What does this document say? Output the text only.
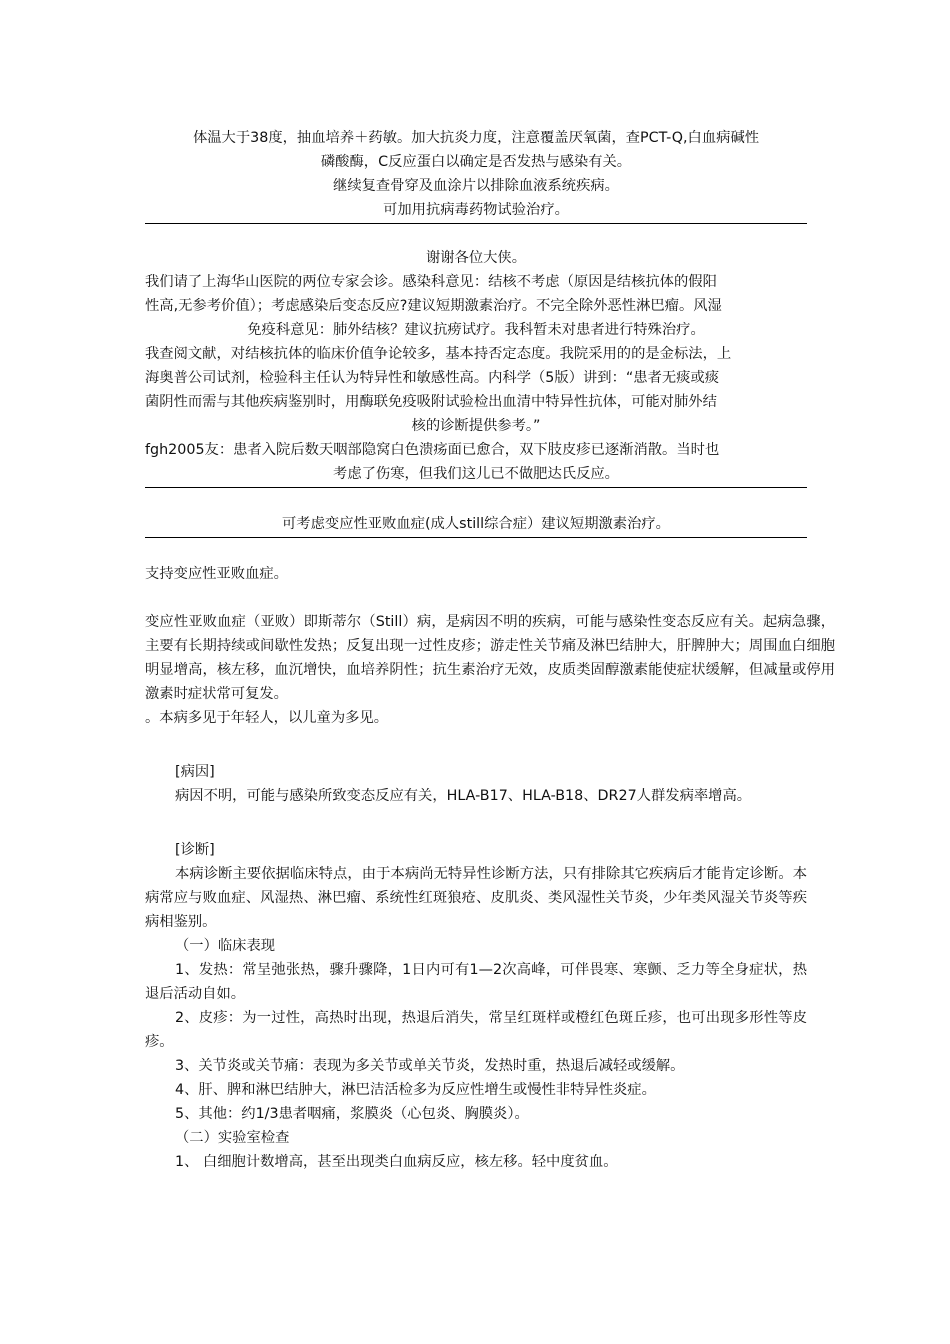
体温大于38度，抽血培养＋药敏。加大抗炎力度，注意覆盖厌氧菌，查PCT-Q,白血病碱性

磷酸酶，C反应蛋白以确定是否发热与感染有关。

继续复查骨穿及血涂片以排除血液系统疾病。

可加用抗病毒药物试验治疗。

谢谢各位大侠。

我们请了上海华山医院的两位专家会诊。感染科意见：结核不考虑（原因是结核抗体的假阳

性高,无参考价值）；考虑感染后变态反应?建议短期激素治疗。不完全除外恶性淋巴瘤。风湿

免疫科意见：肺外结核？建议抗痨试疗。我科暂未对患者进行特殊治疗。

我查阅文献，对结核抗体的临床价值争论较多，基本持否定态度。我院采用的的是金标法，上

海奥普公司试剂，检验科主任认为特异性和敏感性高。内科学（5版）讲到：“患者无痰或痰

菌阴性而需与其他疾病鉴别时，用酶联免疫吸附试验检出血清中特异性抗体，可能对肺外结

核的诊断提供参考。”

fgh2005友：患者入院后数天咽部隐窝白色溃疡面已愈合，双下肢皮疹已逐渐消散。当时也

考虑了伤寒，但我们这儿已不做肥达氏反应。

可考虑变应性亚败血症(成人still综合症）建议短期激素治疗。

支持变应性亚败血症。

变应性亚败血症（亚败）即斯蒂尔（Still）病，是病因不明的疾病，可能与感染性变态反应有关。起病急骤，主要有长期持续或间歇性发热；反复出现一过性皮疹；游走性关节痛及淋巴结肿大，肝脾肿大；周围血白细胞明显增高，核左移，血沉增快，血培养阴性；抗生素治疗无效，皮质类固醇激素能使症状缓解，但减量或停用激素时症状常可复发。

。本病多见于年轻人，以儿童为多见。

[病因]

病因不明，可能与感染所致变态反应有关，HLA-B17、HLA-B18、DR27人群发病率增高。

[诊断]

本病诊断主要依据临床特点，由于本病尚无特异性诊断方法，只有排除其它疾病后才能肯定诊断。本病常应与败血症、风湿热、淋巴瘤、系统性红斑狼疮、皮肌炎、类风湿性关节炎，少年类风湿关节炎等疾病相鉴别。

（一）临床表现

1、发热：常呈弛张热，骤升骤降，1日内可有1—2次高峰，可伴畏寒、寒颤、乏力等全身症状，热退后活动自如。

2、皮疹：为一过性，高热时出现，热退后消失，常呈红斑样或橙红色斑丘疹，也可出现多形性等皮疹。

3、关节炎或关节痛：表现为多关节或单关节炎，发热时重，热退后减轻或缓解。

4、肝、脾和淋巴结肿大，淋巴洁活检多为反应性增生或慢性非特异性炎症。

5、其他：约1/3患者咽痛，浆膜炎（心包炎、胸膜炎）。

（二）实验室检查

1、 白细胞计数增高，甚至出现类白血病反应，核左移。轻中度贫血。
